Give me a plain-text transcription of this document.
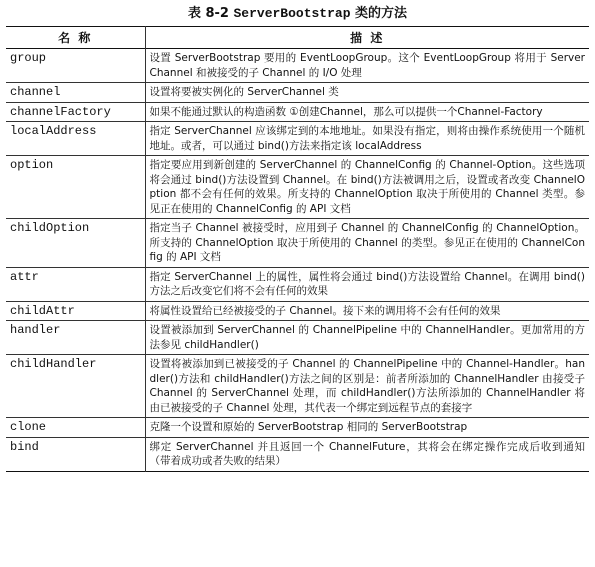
表 8-2 ServerBootstrap 类的方法
名 称	描 述
group	设置 ServerBootstrap 要用的 EventLoopGroup。这个 EventLoopGroup 将用于 ServerChannel 和被接受的子 Channel 的 I/O 处理
channel	设置将要被实例化的 ServerChannel 类
channelFactory	如果不能通过默认的构造函数 ①创建Channel，那么可以提供一个Channel-Factory
localAddress	指定 ServerChannel 应该绑定到的本地地址。如果没有指定，则将由操作系统使用一个随机地址。或者，可以通过 bind()方法来指定该 localAddress
option	指定要应用到新创建的 ServerChannel 的 ChannelConfig 的 Channel-Option。这些选项将会通过 bind()方法设置到 Channel。在 bind()方法被调用之后，设置或者改变 ChannelOption 都不会有任何的效果。所支持的 ChannelOption 取决于所使用的 Channel 类型。参见正在使用的 ChannelConfig 的 API 文档
childOption	指定当子 Channel 被接受时，应用到子 Channel 的 ChannelConfig 的 ChannelOption。所支持的 ChannelOption 取决于所使用的 Channel 的类型。参见正在使用的 ChannelConfig 的 API 文档
attr	指定 ServerChannel 上的属性，属性将会通过 bind()方法设置给 Channel。在调用 bind()方法之后改变它们将不会有任何的效果
childAttr	将属性设置给已经被接受的子 Channel。接下来的调用将不会有任何的效果
handler	设置被添加到 ServerChannel 的 ChannelPipeline 中的 ChannelHandler。更加常用的方法参见 childHandler()
childHandler	设置将被添加到已被接受的子 Channel 的 ChannelPipeline 中的 Channel-Handler。handler()方法和 childHandler()方法之间的区别是：前者所添加的 ChannelHandler 由接受子 Channel 的 ServerChannel 处理，而 childHandler()方法所添加的 ChannelHandler 将由已被接受的子 Channel 处理，其代表一个绑定到远程节点的套接字
clone	克隆一个设置和原始的 ServerBootstrap 相同的 ServerBootstrap
bind	绑定 ServerChannel 并且返回一个 ChannelFuture，其将会在绑定操作完成后收到通知（带着成功或者失败的结果）
